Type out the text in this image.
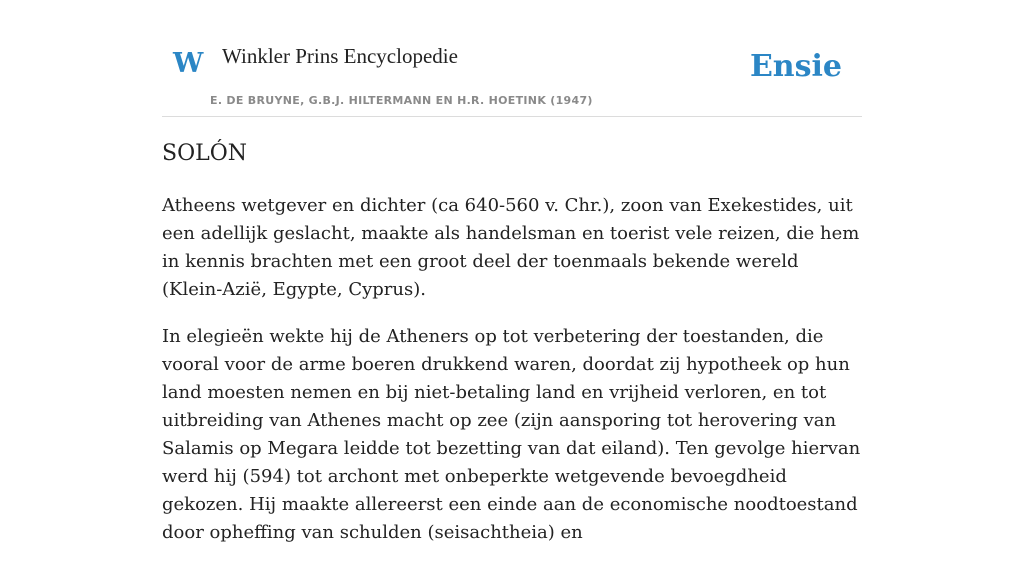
W Winkler Prins Encyclopedie
E. DE BRUYNE, G.B.J. HILTERMANN EN H.R. HOETINK (1947)
Ensie
SOLÓN

Atheens wetgever en dichter (ca 640-560 v. Chr.), zoon van Exekestides, uit een adellijk geslacht, maakte als handelsman en toerist vele reizen, die hem in kennis brachten met een groot deel der toenmaals bekende wereld (Klein-Azië, Egypte, Cyprus).

In elegieën wekte hij de Atheners op tot verbetering der toestanden, die vooral voor de arme boeren drukkend waren, doordat zij hypotheek op hun land moesten nemen en bij niet-betaling land en vrijheid verloren, en tot uitbreiding van Athenes macht op zee (zijn aansporing tot herovering van Salamis op Megara leidde tot bezetting van dat eiland). Ten gevolge hiervan werd hij (594) tot archont met onbeperkte wetgevende bevoegdheid gekozen. Hij maakte allereerst een einde aan de economische noodtoestand door opheffing van schulden (seisachtheia) en
